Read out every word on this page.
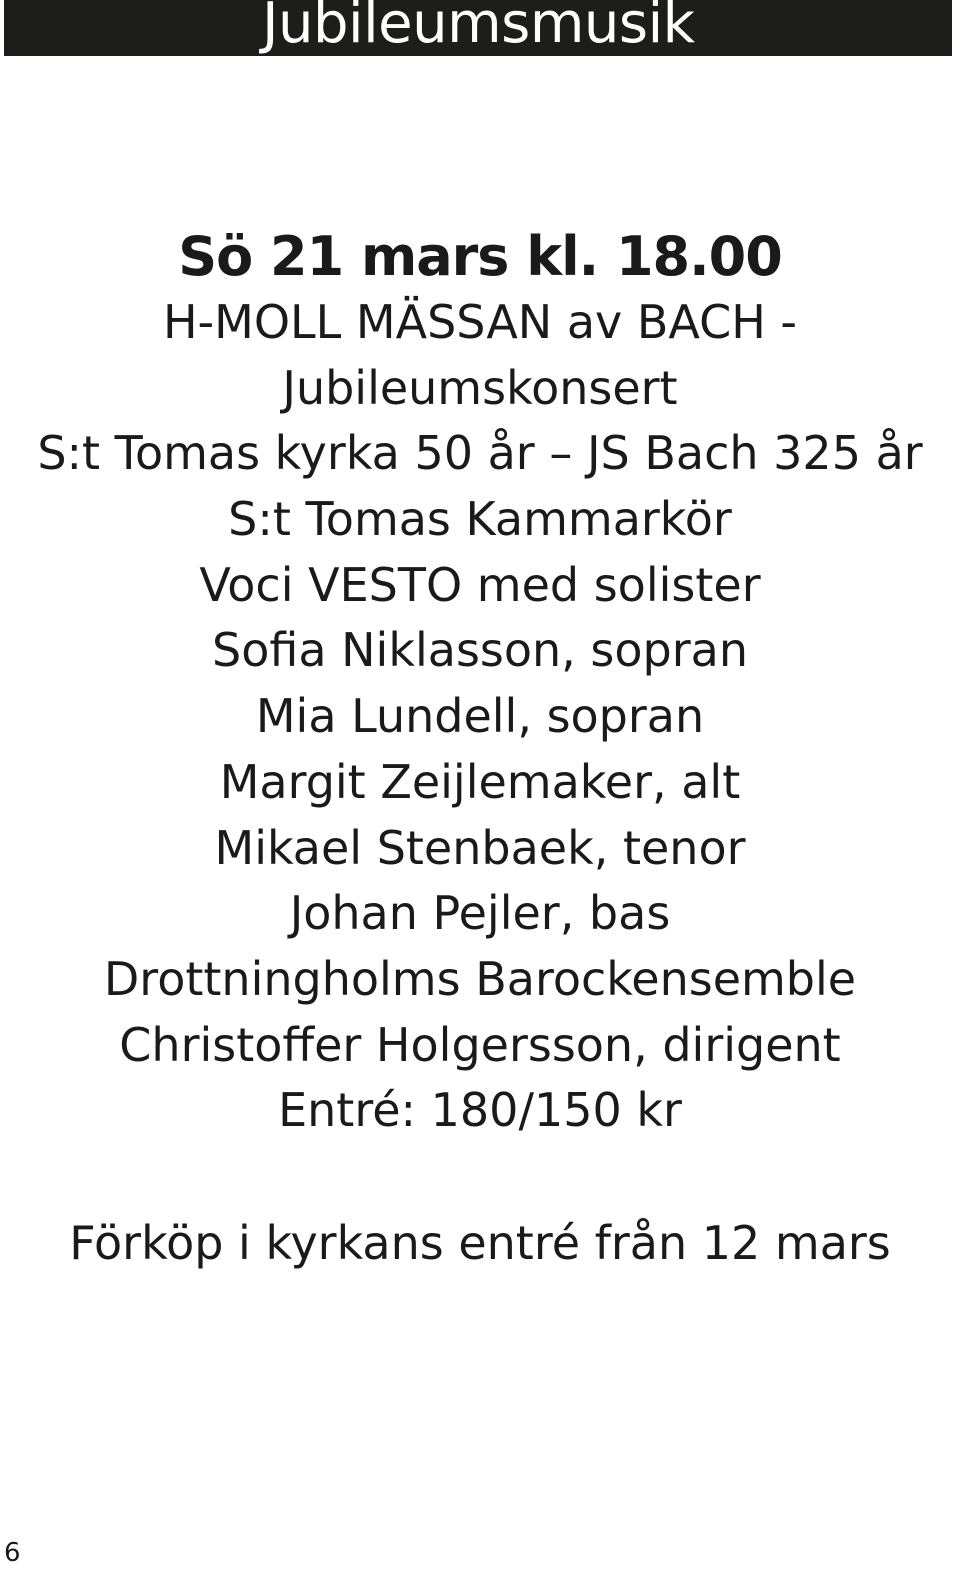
Jubileumsmusik
Sö 21 mars kl. 18.00
H-MOLL MÄSSAN av BACH -
Jubileumskonsert
S:t Tomas kyrka 50 år – JS Bach 325 år
S:t Tomas Kammarkör
Voci VESTO med solister
Sofia Niklasson, sopran
Mia Lundell, sopran
Margit Zeijlemaker, alt
Mikael Stenbaek, tenor
Johan Pejler, bas
Drottningholms Barockensemble
Christoffer Holgersson, dirigent
Entré: 180/150 kr
Förköp i kyrkans entré från 12 mars
6
